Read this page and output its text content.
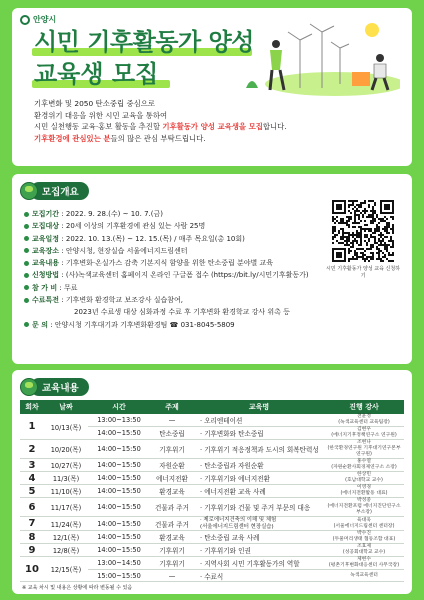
안양시
시민 기후활동가 양성
교육생 모집
기후변화 및 2050 탄소중립 중심으로
환경위기 대응을 위한 시민 교육을 통하여
시민 실천행동 교육·홍보 활동을 추진할 기후활동가 양성 교육생을 모집합니다.
기후환경에 관심있는 분들의 많은 관심 부탁드립니다.
모집개요
모집기간 : 2022. 9. 28.(수) ~ 10. 7.(금)
모집대상 : 20세 이상의 기후환경에 관심 있는 사람 25명
교육일정 : 2022. 10. 13.(목) ~ 12. 15.(목) / 매주 목요일(총 10회)
교육장소 : 안양시청, 현장실습 서울에너지드림센터
교육내용 : 기후변화·온실가스 감축 기본지식 함양을 위한 탄소중립 분야별 교육
신청방법 : (사)녹색교육센터 홈페이지 온라인 구글폼 접수 (https://bit.ly/시민기후활동가)
참 가 비 : 무료
수료특전 : 기후변화 환경학교 보조강사 실습참여,
2023년 수료생 대상 심화과정 수료 후 기후변화 환경학교 강사 위촉 등
문 의 : 안양시청 기후대기과 기후변화환경팀 ☎ 031-8045-5809
시민 기후활동가 양성 교육 신청하기
교육내용
회차	날짜	시간	주제	교육명	진행 강사
1	10/13(목)	13:00~13:50	—	· 오리엔테이션	전윤정
(녹색교육센터 교육팀장)
		14:00~15:50	탄소중립	· 기후변화와 탄소중립	김현우
(에너지기후정책연구소 연구원)
2	10/20(목)	14:00~15:50	기후위기	· 기후위기 적응정책과 도시의 회복탄력성	조현나
(한국환경연구원 기후대기연구본부 연구원)
3	10/27(목)	14:00~15:50	자원순환	· 탄소중립과 자원순환	홍수열
(자원순환사회경제연구소 소장)
4	11/3(목)	14:00~15:50	에너지전환	· 기후위기와 에너지전환	한상민
(호남대학교 교수)
5	11/10(목)	14:00~15:50	환경교육	· 에너지전환 교육 사례	이영경
(에너지전환활동 대표)
6	11/17(목)	14:00~15:50	건물과 주거	· 기후위기와 건물 및 주거 부문의 대응	박성중
(에너지전환포럼 에너지진단연구소 부소장)
7	11/24(목)	14:00~15:50	건물과 주거	· 제로에너지건축의 이해 및 체험
(서울에너지드림센터 현장실습)	육대욱
(서울에너지드림센터 센터장)
8	12/1(목)	14:00~15:50	환경교육	· 탄소중립 교육 사례	박수진
(두물머리생태 협동조합 대표)
9	12/8(목)	14:00~15:50	기후위기	· 기후위기와 인권	조효제
(성공회대학교 교수)
10	12/15(목)	13:00~14:50	기후위기	· 지역사회 시민 기후활동가의 역할	제현수
(평촌기후변화대응센터 사무국장)
		15:00~15:50	—	· 수료식	녹색교육센터
※ 교육 차시 및 내용은 상황에 따라 변동될 수 있음
